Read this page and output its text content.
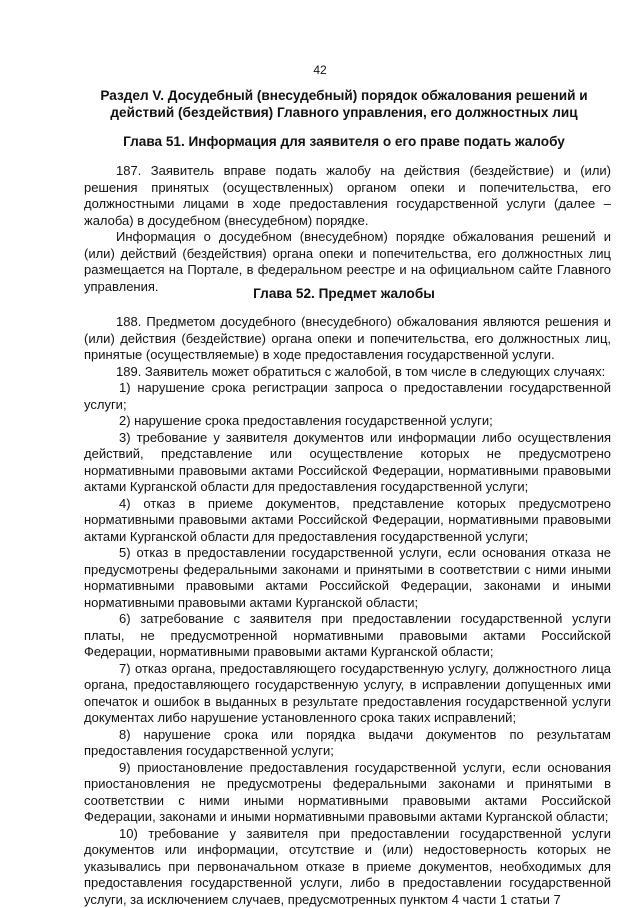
42
Раздел V. Досудебный (внесудебный) порядок обжалования решений и действий (бездействия) Главного управления, его должностных лиц
Глава 51. Информация для заявителя о его праве подать жалобу

187. Заявитель вправе подать жалобу на действия (бездействие) и (или) решения принятых (осуществленных) органом опеки и попечительства, его должностными лицами в ходе предоставления государственной услуги (далее – жалоба) в досудебном (внесудебном) порядке.

Информация о досудебном (внесудебном) порядке обжалования решений и (или) действий (бездействия) органа опеки и попечительства, его должностных лиц размещается на Портале, в федеральном реестре и на официальном сайте Главного управления.	Глава 52. Предмет жалобы

188. Предметом досудебного (внесудебного) обжалования являются решения и (или) действия (бездействие) органа опеки и попечительства, его должностных лиц, принятые (осуществляемые) в ходе предоставления государственной услуги.

189. Заявитель может обратиться с жалобой, в том числе в следующих случаях:

1) нарушение срока регистрации запроса о предоставлении государственной услуги;

2) нарушение срока предоставления государственной услуги;

3) требование у заявителя документов или информации либо осуществления действий, представление или осуществление которых не предусмотрено нормативными правовыми актами Российской Федерации, нормативными правовыми актами Курганской области для предоставления государственной услуги;

4) отказ в приеме документов, представление которых предусмотрено нормативными правовыми актами Российской Федерации, нормативными правовыми актами Курганской области для предоставления государственной услуги;

5) отказ в предоставлении государственной услуги, если основания отказа не предусмотрены федеральными законами и принятыми в соответствии с ними иными нормативными правовыми актами Российской Федерации, законами и иными нормативными правовыми актами Курганской области;

6) затребование с заявителя при предоставлении государственной услуги платы, не предусмотренной нормативными правовыми актами Российской Федерации, нормативными правовыми актами Курганской области;

7) отказ органа, предоставляющего государственную услугу, должностного лица органа, предоставляющего государственную услугу, в исправлении допущенных ими опечаток и ошибок в выданных в результате предоставления государственной услуги документах либо нарушение установленного срока таких исправлений;

8) нарушение срока или порядка выдачи документов по результатам предоставления государственной услуги;

9) приостановление предоставления государственной услуги, если основания приостановления не предусмотрены федеральными законами и принятыми в соответствии с ними иными нормативными правовыми актами Российской Федерации, законами и иными нормативными правовыми актами Курганской области;

10) требование у заявителя при предоставлении государственной услуги документов или информации, отсутствие и (или) недостоверность которых не указывались при первоначальном отказе в приеме документов, необходимых для предоставления государственной услуги, либо в предоставлении государственной услуги, за исключением случаев, предусмотренных пунктом 4 части 1 статьи 7
